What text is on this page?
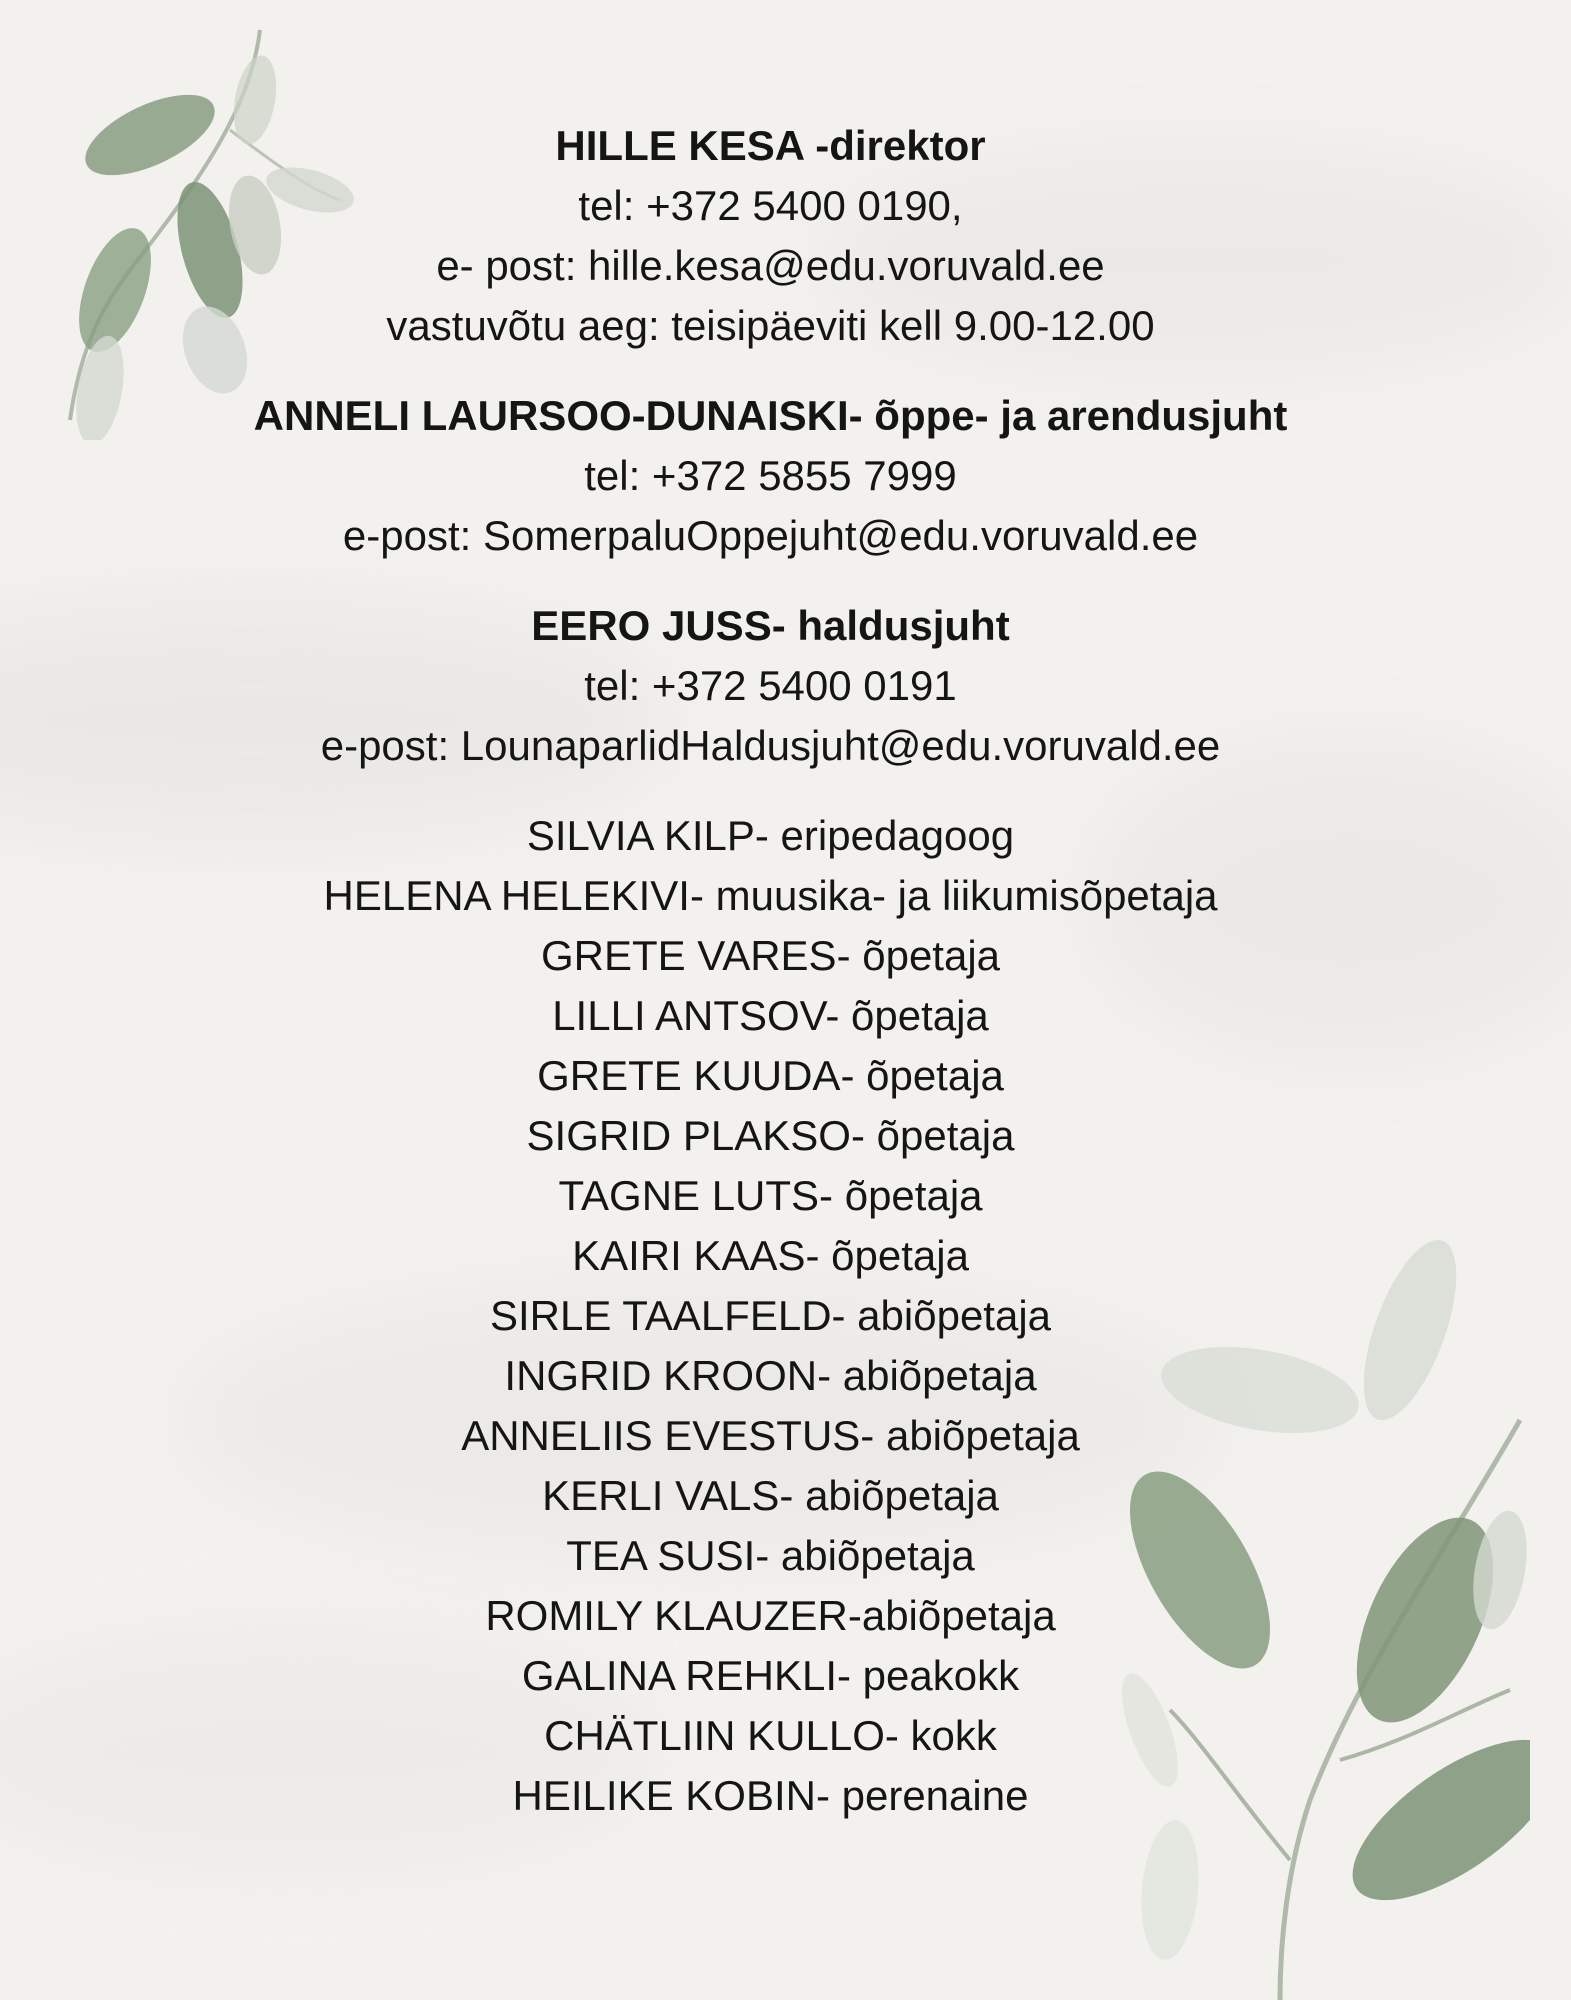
HILLE KESA -direktor
tel: +372 5400 0190,
e- post: hille.kesa@edu.voruvald.ee
vastuvõtu aeg: teisipäeviti kell 9.00-12.00
ANNELI LAURSOO-DUNAISKI- õppe- ja arendusjuht
tel: +372 5855 7999
e-post: SomerpaluOppejuht@edu.voruvald.ee
EERO JUSS- haldusjuht
tel: +372 5400 0191
e-post: LounaparlidHaldusjuht@edu.voruvald.ee
SILVIA KILP- eripedagoog
HELENA HELEKIVI- muusika- ja liikumisõpetaja
GRETE VARES- õpetaja
LILLI ANTSOV- õpetaja
GRETE KUUDA- õpetaja
SIGRID PLAKSO- õpetaja
TAGNE LUTS- õpetaja
KAIRI KAAS- õpetaja
SIRLE TAALFELD- abiõpetaja
INGRID KROON- abiõpetaja
ANNELIIS EVESTUS- abiõpetaja
KERLI VALS- abiõpetaja
TEA SUSI- abiõpetaja
ROMILY KLAUZER-abiõpetaja
GALINA REHKLI- peakokk
CHÄTLIIN KULLO- kokk
HEILIKE KOBIN- perenaine
